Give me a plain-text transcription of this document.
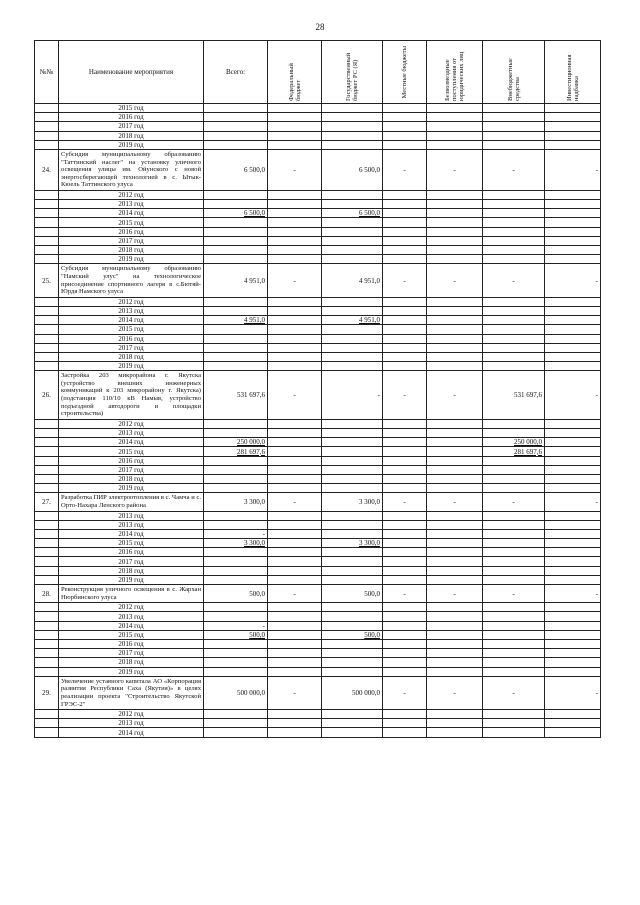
28
№№	Наименование мероприятия	Всего:	Федеральный бюджет	Государственный бюджет РС (Я)	Местные бюджеты	Безвозмездные поступления от юридических лиц	Внебюджетные средства	Инвестиционная надбавка

	2015 год							
	2016 год							
	2017 год							
	2018 год							
	2019 год							
24.	Субсидия муниципальному образованию "Таттинский наслег" на установку уличного освещения улицы им. Ойунского с новой энергосберегающей технологией в с. Ытык-Кюель Таттинского улуса	6 500,0	-	6 500,0	-	-	-	-
	2012 год							
	2013 год							
	2014 год	6 500,0		6 500,0				
	2015 год							
	2016 год							
	2017 год							
	2018 год							
	2019 год							
25.	Субсидия муниципальному образованию "Намский улус" на технологическое присоединение спортивного лагеря в с.Бютяй-Юрдя Намского улуса	4 951,0	-	4 951,0	-	-	-	-
	2012 год							
	2013 год							
	2014 год	4 951,0		4 951,0				
	2015 год							
	2016 год							
	2017 год							
	2018 год							
	2019 год							
26.	Застройка 203 микрорайона г. Якутска (устройство внешних инженерных коммуникаций к 203 микрорайону г. Якутска) (подстанция 110/10 кВ Намыв, устройство подъездной автодороги и площадки строительства)	531 697,6	-	-	-	-	531 697,6	-
	2012 год							
	2013 год							
	2014 год	250 000,0					250 000,0	
	2015 год	281 697,6					281 697,6	
	2016 год							
	2017 год							
	2018 год							
	2019 год							
27.	Разработка ПИР электроотопления в с. Чамча и с. Орто-Нахара Ленского района	3 300,0	-	3 300,0	-	-	-	-
	2013 год							
	2013 год							
	2014 год	-						
	2015 год	3 300,0		3 300,0				
	2016 год							
	2017 год							
	2018 год							
	2019 год							
28.	Реконструкция уличного освещения в с. Жархан Нюрбинского улуса	500,0	-	500,0	-	-	-	-
	2012 год							
	2013 год							
	2014 год	-						
	2015 год	500,0		500,0				
	2016 год							
	2017 год							
	2018 год							
	2019 год							
29.	Увеличение уставного капитала АО «Корпорация развития Республики Саха (Якутия)» в целях реализации проекта "Строительство Якутской ГРЭС-2"	500 000,0	-	500 000,0	-	-	-	-
	2012 год							
	2013 год							
	2014 год							
